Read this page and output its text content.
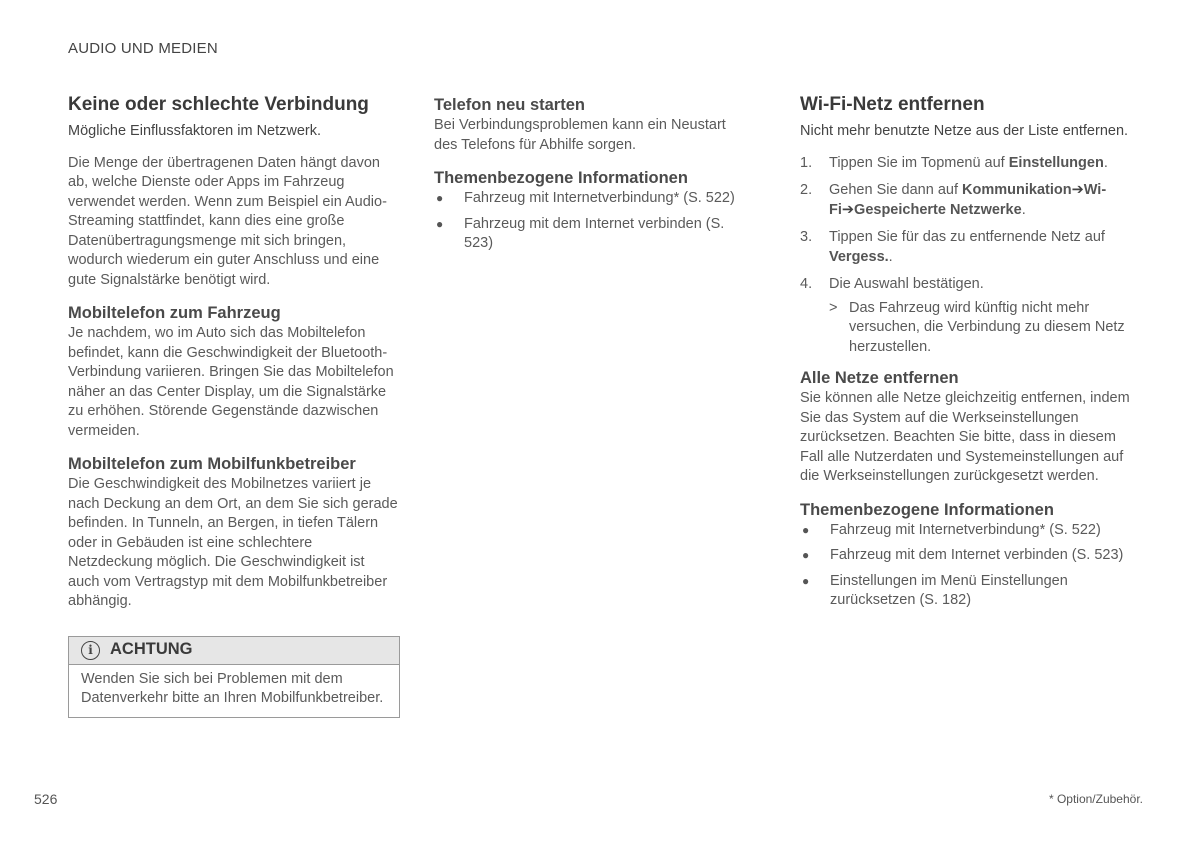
AUDIO UND MEDIEN
Keine oder schlechte Verbindung

Mögliche Einflussfaktoren im Netzwerk.

Die Menge der übertragenen Daten hängt davon ab, welche Dienste oder Apps im Fahrzeug verwendet werden. Wenn zum Beispiel ein Audio-Streaming stattfindet, kann dies eine große Datenübertragungsmenge mit sich bringen, wodurch wiederum ein guter Anschluss und eine gute Signalstärke benötigt wird.

Mobiltelefon zum Fahrzeug

Je nachdem, wo im Auto sich das Mobiltelefon befindet, kann die Geschwindigkeit der Bluetooth-Verbindung variieren. Bringen Sie das Mobiltelefon näher an das Center Display, um die Signalstärke zu erhöhen. Störende Gegenstände dazwischen vermeiden.

Mobiltelefon zum Mobilfunkbetreiber

Die Geschwindigkeit des Mobilnetzes variiert je nach Deckung an dem Ort, an dem Sie sich gerade befinden. In Tunneln, an Bergen, in tiefen Tälern oder in Gebäuden ist eine schlechtere Netzdeckung möglich. Die Geschwindigkeit ist auch vom Vertragstyp mit dem Mobilfunkbetreiber abhängig.

i	ACHTUNG
Wenden Sie sich bei Problemen mit dem Datenverkehr bitte an Ihren Mobilfunkbetreiber.
Telefon neu starten

Bei Verbindungsproblemen kann ein Neustart des Telefons für Abhilfe sorgen.

Themenbezogene Informationen
● Fahrzeug mit Internetverbindung* (S. 522)
● Fahrzeug mit dem Internet verbinden (S. 523)
Wi-Fi-Netz entfernen

Nicht mehr benutzte Netze aus der Liste entfernen.

1. Tippen Sie im Topmenü auf Einstellungen.
2. Gehen Sie dann auf Kommunikation➔Wi-Fi➔Gespeicherte Netzwerke.
3. Tippen Sie für das zu entfernende Netz auf Vergess..
4. Die Auswahl bestätigen.
> Das Fahrzeug wird künftig nicht mehr versuchen, die Verbindung zu diesem Netz herzustellen.
Alle Netze entfernen

Sie können alle Netze gleichzeitig entfernen, indem Sie das System auf die Werkseinstellungen zurücksetzen. Beachten Sie bitte, dass in diesem Fall alle Nutzerdaten und Systemeinstellungen auf die Werkseinstellungen zurückgesetzt werden.

Themenbezogene Informationen
● Fahrzeug mit Internetverbindung* (S. 522)
● Fahrzeug mit dem Internet verbinden (S. 523)
● Einstellungen im Menü Einstellungen zurücksetzen (S. 182)
526	* Option/Zubehör.
